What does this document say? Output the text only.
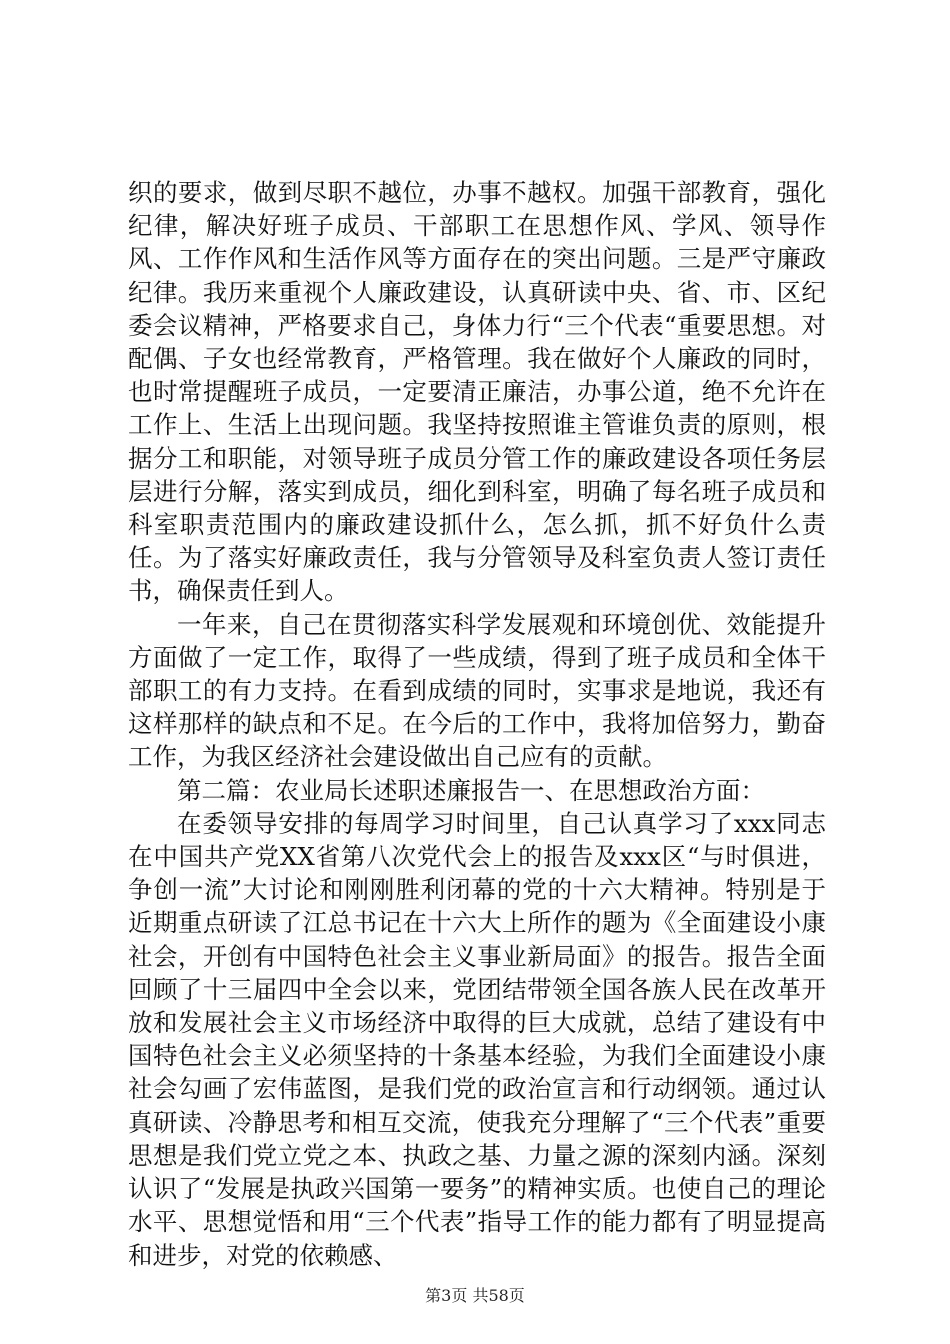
织的要求，做到尽职不越位，办事不越权。加强干部教育，强化纪律，解决好班子成员、干部职工在思想作风、学风、领导作风、工作作风和生活作风等方面存在的突出问题。三是严守廉政纪律。我历来重视个人廉政建设，认真研读中央、省、市、区纪委会议精神，严格要求自己，身体力行“三个代表“重要思想。对配偶、子女也经常教育，严格管理。我在做好个人廉政的同时，也时常提醒班子成员，一定要清正廉洁，办事公道，绝不允许在工作上、生活上出现问题。我坚持按照谁主管谁负责的原则，根据分工和职能，对领导班子成员分管工作的廉政建设各项任务层层进行分解，落实到成员，细化到科室，明确了每名班子成员和科室职责范围内的廉政建设抓什么，怎么抓，抓不好负什么责任。为了落实好廉政责任，我与分管领导及科室负责人签订责任书，确保责任到人。

一年来，自己在贯彻落实科学发展观和环境创优、效能提升方面做了一定工作，取得了一些成绩，得到了班子成员和全体干部职工的有力支持。在看到成绩的同时，实事求是地说，我还有这样那样的缺点和不足。在今后的工作中，我将加倍努力，勤奋工作，为我区经济社会建设做出自己应有的贡献。

第二篇：农业局长述职述廉报告一、在思想政治方面：

在委领导安排的每周学习时间里，自己认真学习了xxx同志在中国共产党XX省第八次党代会上的报告及xxx区“与时俱进，争创一流”大讨论和刚刚胜利闭幕的党的十六大精神。特别是于近期重点研读了江总书记在十六大上所作的题为《全面建设小康社会，开创有中国特色社会主义事业新局面》的报告。报告全面回顾了十三届四中全会以来，党团结带领全国各族人民在改革开放和发展社会主义市场经济中取得的巨大成就，总结了建设有中国特色社会主义必须坚持的十条基本经验，为我们全面建设小康社会勾画了宏伟蓝图，是我们党的政治宣言和行动纲领。通过认真研读、冷静思考和相互交流，使我充分理解了“三个代表”重要思想是我们党立党之本、执政之基、力量之源的深刻内涵。深刻认识了“发展是执政兴国第一要务”的精神实质。也使自己的理论水平、思想觉悟和用“三个代表”指导工作的能力都有了明显提高和进步，对党的依赖感、

第3页 共58页
